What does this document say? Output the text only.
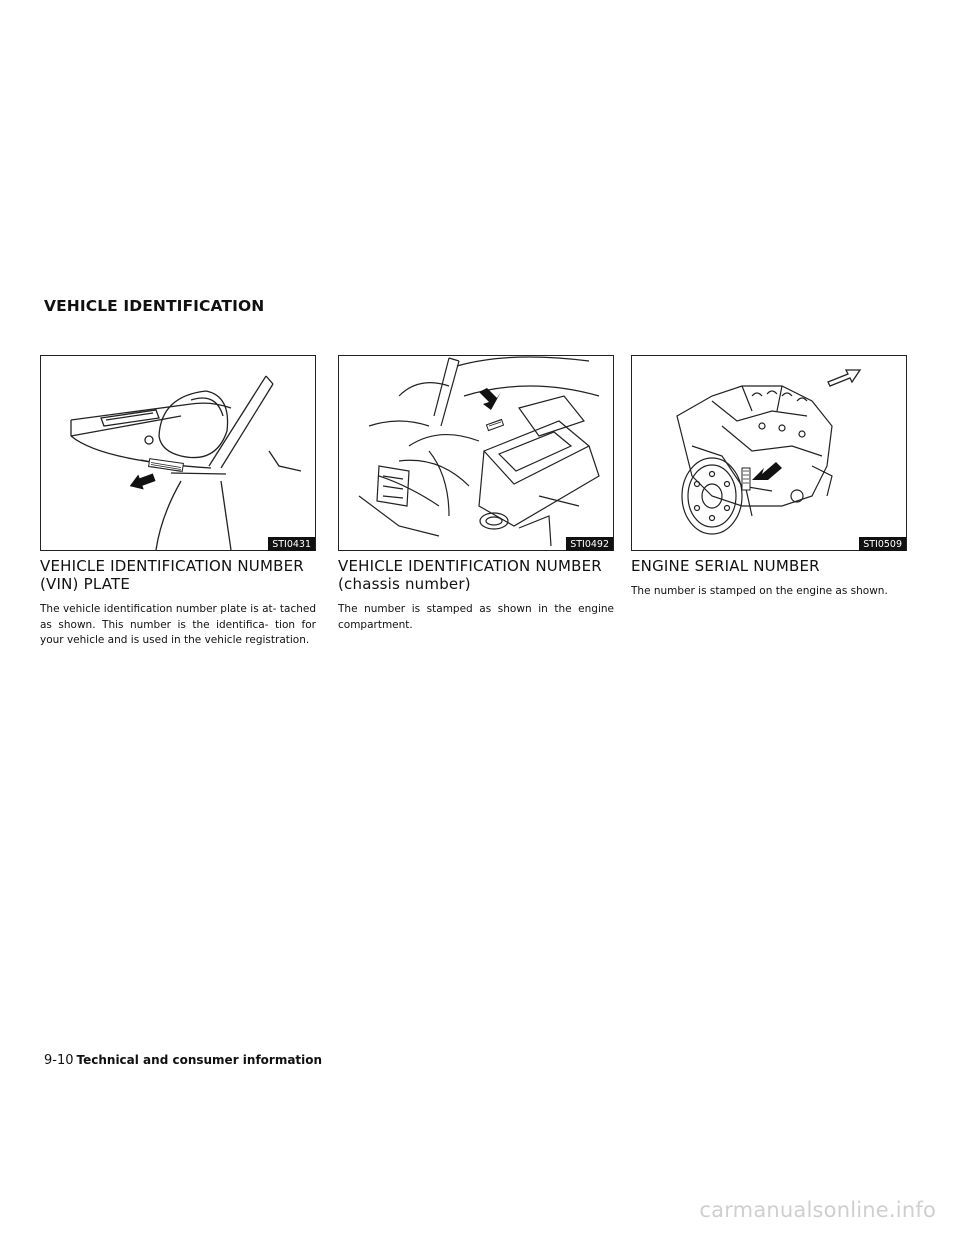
VEHICLE IDENTIFICATION
STI0431
VEHICLE IDENTIFICATION NUMBER
(VIN) PLATE
The vehicle identification number plate is at- tached as shown. This number is the identifica- tion for your vehicle and is used in the vehicle registration.
STI0492
VEHICLE IDENTIFICATION NUMBER
(chassis number)
The number is stamped as shown in the engine compartment.
STI0509
ENGINE SERIAL NUMBER
The number is stamped on the engine as shown.
9-10 Technical and consumer information
carmanualsonline.info
